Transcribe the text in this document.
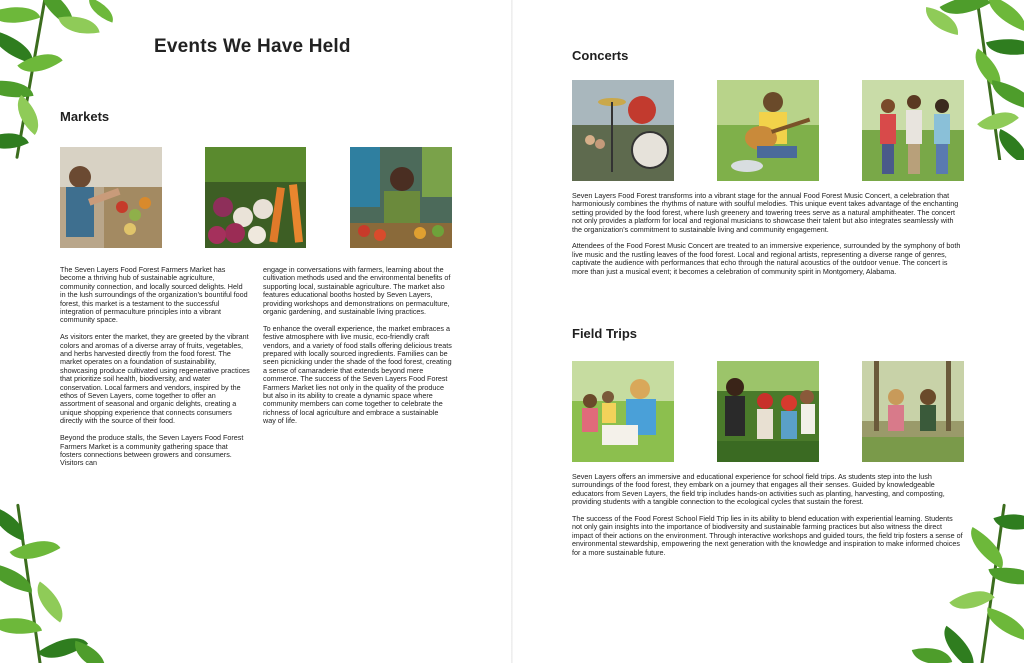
Events We Have Held
Markets

The Seven Layers Food Forest Farmers Market has become a thriving hub of sustainable agriculture, community connection, and locally sourced delights. Held in the lush surroundings of the organization’s bountiful food forest, this market is a testament to the successful integration of permaculture principles into a vibrant community space.

As visitors enter the market, they are greeted by the vibrant colors and aromas of a diverse array of fruits, vegetables, and herbs harvested directly from the food forest. The market operates on a foundation of sustainability, showcasing produce cultivated using regenerative practices that prioritize soil health, biodiversity, and water conservation. Local farmers and vendors, inspired by the ethos of Seven Layers, come together to offer an assortment of seasonal and organic delights, creating a unique shopping experience that connects consumers directly with the source of their food.

Beyond the produce stalls, the Seven Layers Food Forest Farmers Market is a community gathering space that fosters connections between growers and consumers. Visitors can

engage in conversations with farmers, learning about the cultivation methods used and the environmental benefits of supporting local, sustainable agriculture. The market also features educational booths hosted by Seven Layers, providing workshops and demonstrations on permaculture, organic gardening, and sustainable living practices.

To enhance the overall experience, the market embraces a festive atmosphere with live music, eco-friendly craft vendors, and a variety of food stalls offering delicious treats prepared with locally sourced ingredients. Families can be seen picnicking under the shade of the food forest, creating a sense of camaraderie that extends beyond mere commerce. The success of the Seven Layers Food Forest Farmers Market lies not only in the quality of the produce but also in its ability to create a dynamic space where community members can come together to celebrate the richness of local agriculture and embrace a sustainable way of life.

Concerts

Seven Layers Food Forest transforms into a vibrant stage for the annual Food Forest Music Concert, a celebration that harmoniously combines the rhythms of nature with soulful melodies. This unique event takes advantage of the enchanting setting provided by the food forest, where lush greenery and towering trees serve as a natural amphitheater. The concert not only provides a platform for local and regional musicians to showcase their talent but also integrates seamlessly with the organization’s commitment to sustainable living and community engagement.

Attendees of the Food Forest Music Concert are treated to an immersive experience, surrounded by the symphony of both live music and the rustling leaves of the food forest. Local and regional artists, representing a diverse range of genres, captivate the audience with performances that echo through the natural acoustics of the outdoor venue. The concert is more than just a musical event; it becomes a celebration of community spirit in Montgomery, Alabama.

Field Trips

Seven Layers offers an immersive and educational experience for school field trips. As students step into the lush surroundings of the food forest, they embark on a journey that engages all their senses. Guided by knowledgeable educators from Seven Layers, the field trip includes hands-on activities such as planting, harvesting, and composting, providing students with a tangible connection to the ecological cycles that sustain the forest.

The success of the Food Forest School Field Trip lies in its ability to blend education with experiential learning. Students not only gain insights into the importance of biodiversity and sustainable farming practices but also witness the direct impact of their actions on the environment. Through interactive workshops and guided tours, the field trip fosters a sense of environmental stewardship, empowering the next generation with the knowledge and inspiration to make informed choices for a more sustainable future.
